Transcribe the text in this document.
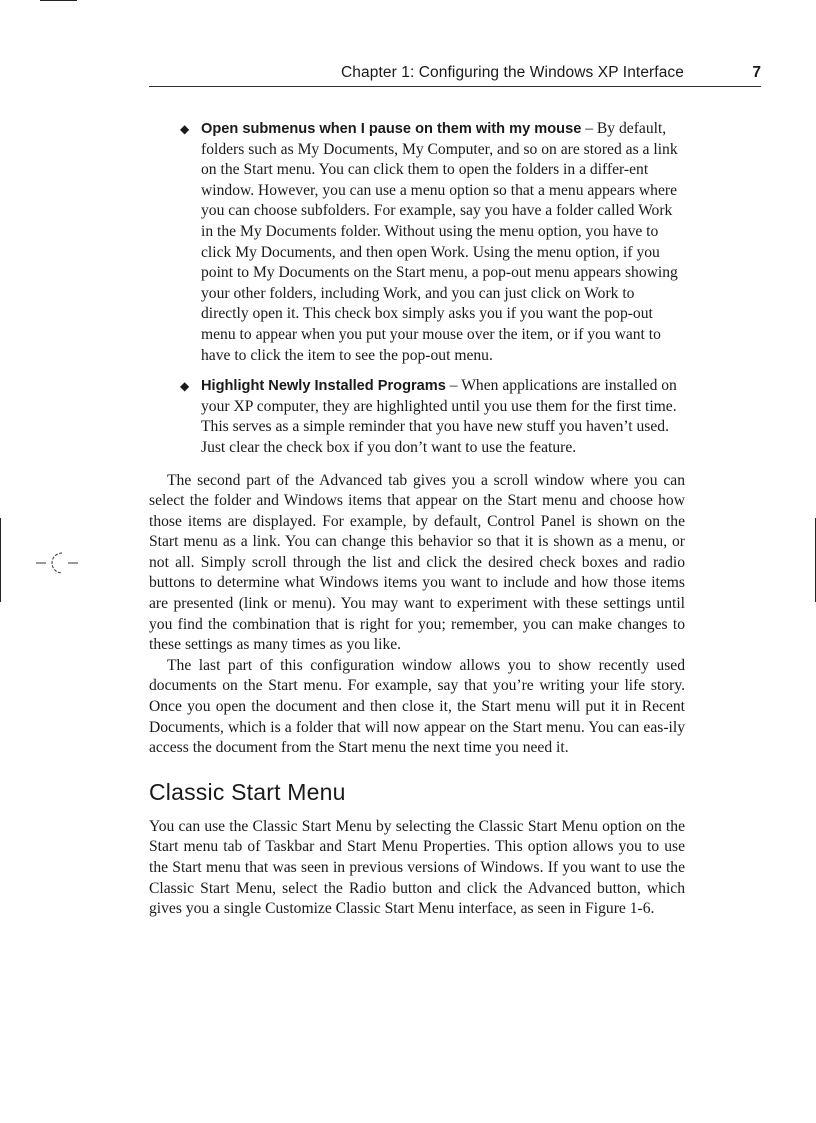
Chapter 1: Configuring the Windows XP Interface	7
◆ Open submenus when I pause on them with my mouse – By default, folders such as My Documents, My Computer, and so on are stored as a link on the Start menu. You can click them to open the folders in a differ-ent window. However, you can use a menu option so that a menu appears where you can choose subfolders. For example, say you have a folder called Work in the My Documents folder. Without using the menu option, you have to click My Documents, and then open Work. Using the menu option, if you point to My Documents on the Start menu, a pop-out menu appears showing your other folders, including Work, and you can just click on Work to directly open it. This check box simply asks you if you want the pop-out menu to appear when you put your mouse over the item, or if you want to have to click the item to see the pop-out menu.
◆ Highlight Newly Installed Programs – When applications are installed on your XP computer, they are highlighted until you use them for the first time. This serves as a simple reminder that you have new stuff you haven’t used. Just clear the check box if you don’t want to use the feature.

The second part of the Advanced tab gives you a scroll window where you can select the folder and Windows items that appear on the Start menu and choose how those items are displayed. For example, by default, Control Panel is shown on the Start menu as a link. You can change this behavior so that it is shown as a menu, or not all. Simply scroll through the list and click the desired check boxes and radio buttons to determine what Windows items you want to include and how those items are presented (link or menu). You may want to experiment with these settings until you find the combination that is right for you; remember, you can make changes to these settings as many times as you like.

The last part of this configuration window allows you to show recently used documents on the Start menu. For example, say that you’re writing your life story. Once you open the document and then close it, the Start menu will put it in Recent Documents, which is a folder that will now appear on the Start menu. You can eas-ily access the document from the Start menu the next time you need it.

Classic Start Menu

You can use the Classic Start Menu by selecting the Classic Start Menu option on the Start menu tab of Taskbar and Start Menu Properties. This option allows you to use the Start menu that was seen in previous versions of Windows. If you want to use the Classic Start Menu, select the Radio button and click the Advanced button, which gives you a single Customize Classic Start Menu interface, as seen in Figure 1-6.
